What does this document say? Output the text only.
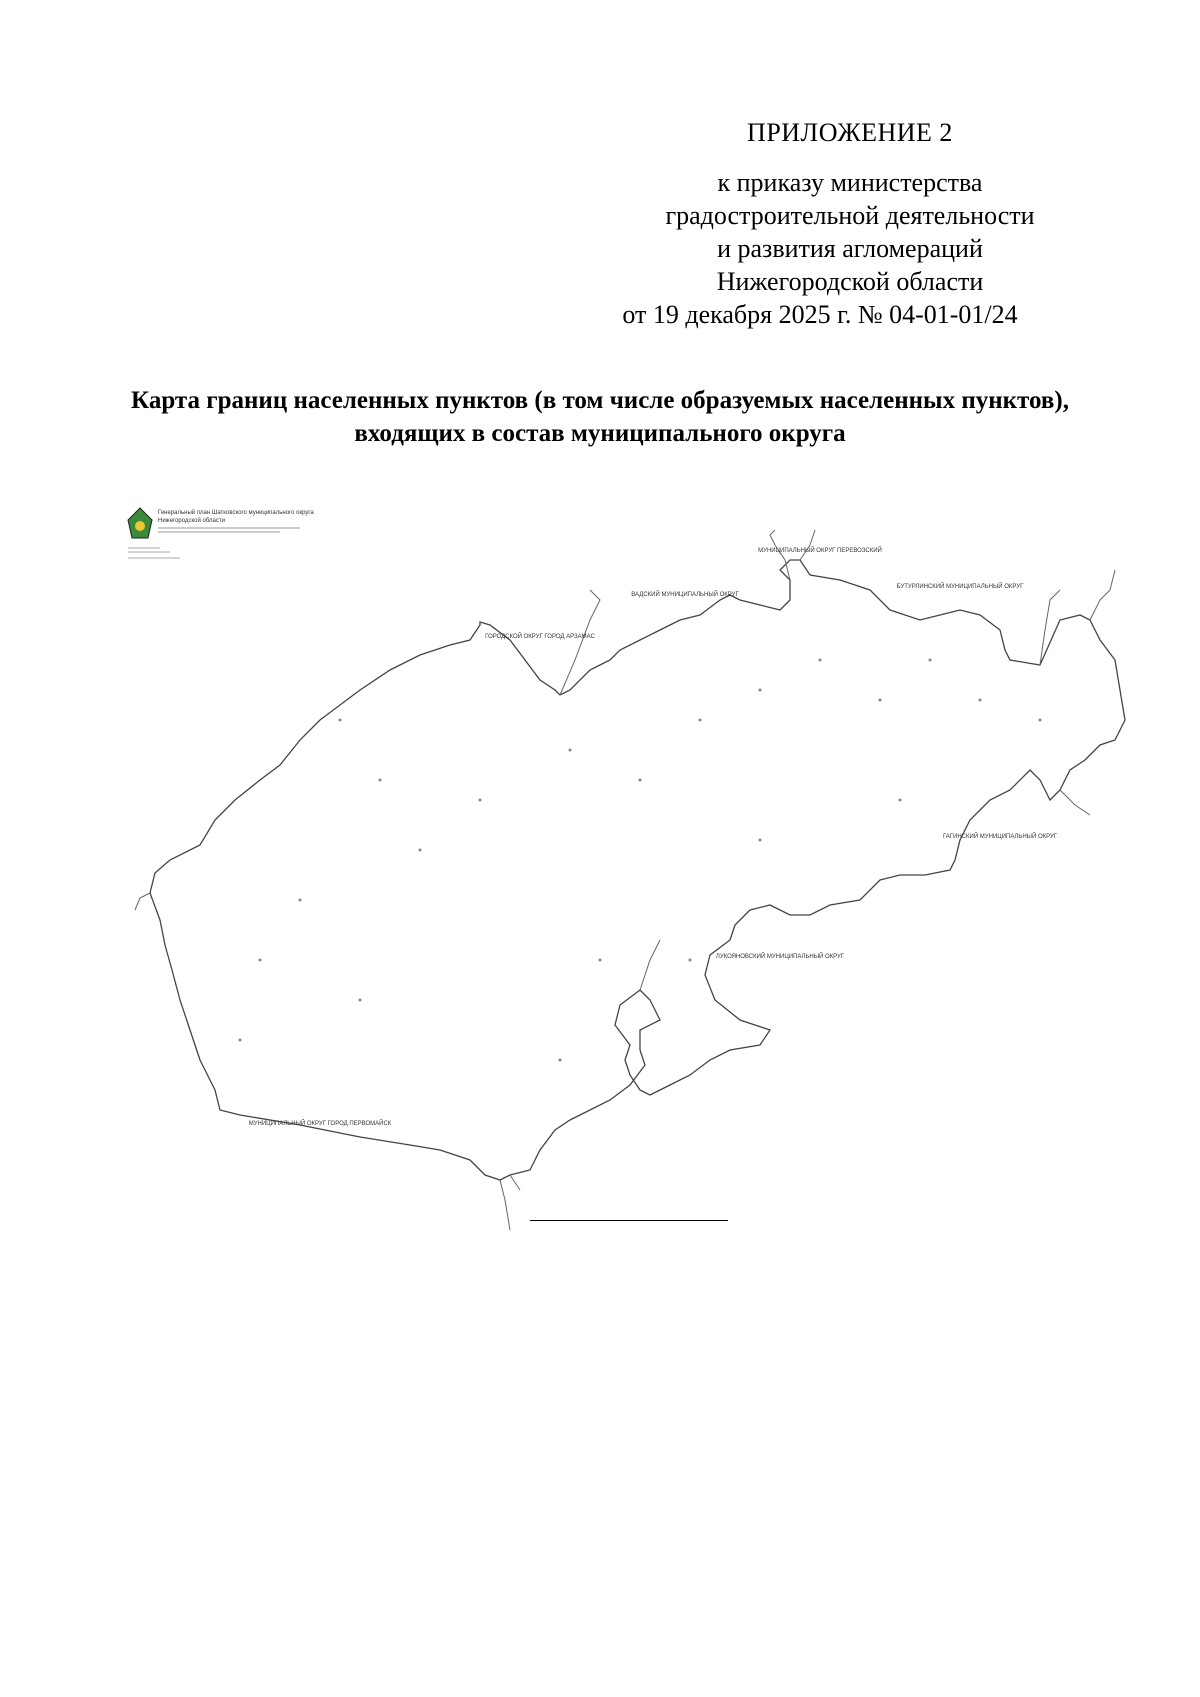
ПРИЛОЖЕНИЕ 2
к приказу министерства
градостроительной деятельности
и развития агломераций
Нижегородской области
от 19 декабря 2025 г. № 04-01-01/24
Карта границ населенных пунктов (в том числе образуемых населенных пунктов), входящих в состав муниципального округа
Генеральный план Шатковского муниципального округа
Нижегородской области
МУНИЦИПАЛЬНЫЙ ОКРУГ ПЕРЕВОЗСКИЙ
ВАДСКИЙ МУНИЦИПАЛЬНЫЙ ОКРУГ
БУТУРЛИНСКИЙ МУНИЦИПАЛЬНЫЙ ОКРУГ
ГОРОДСКОЙ ОКРУГ ГОРОД АРЗАМАС
ГАГИНСКИЙ МУНИЦИПАЛЬНЫЙ ОКРУГ
ЛУКОЯНОВСКИЙ МУНИЦИПАЛЬНЫЙ ОКРУГ
МУНИЦИПАЛЬНЫЙ ОКРУГ ГОРОД ПЕРВОМАЙСК
